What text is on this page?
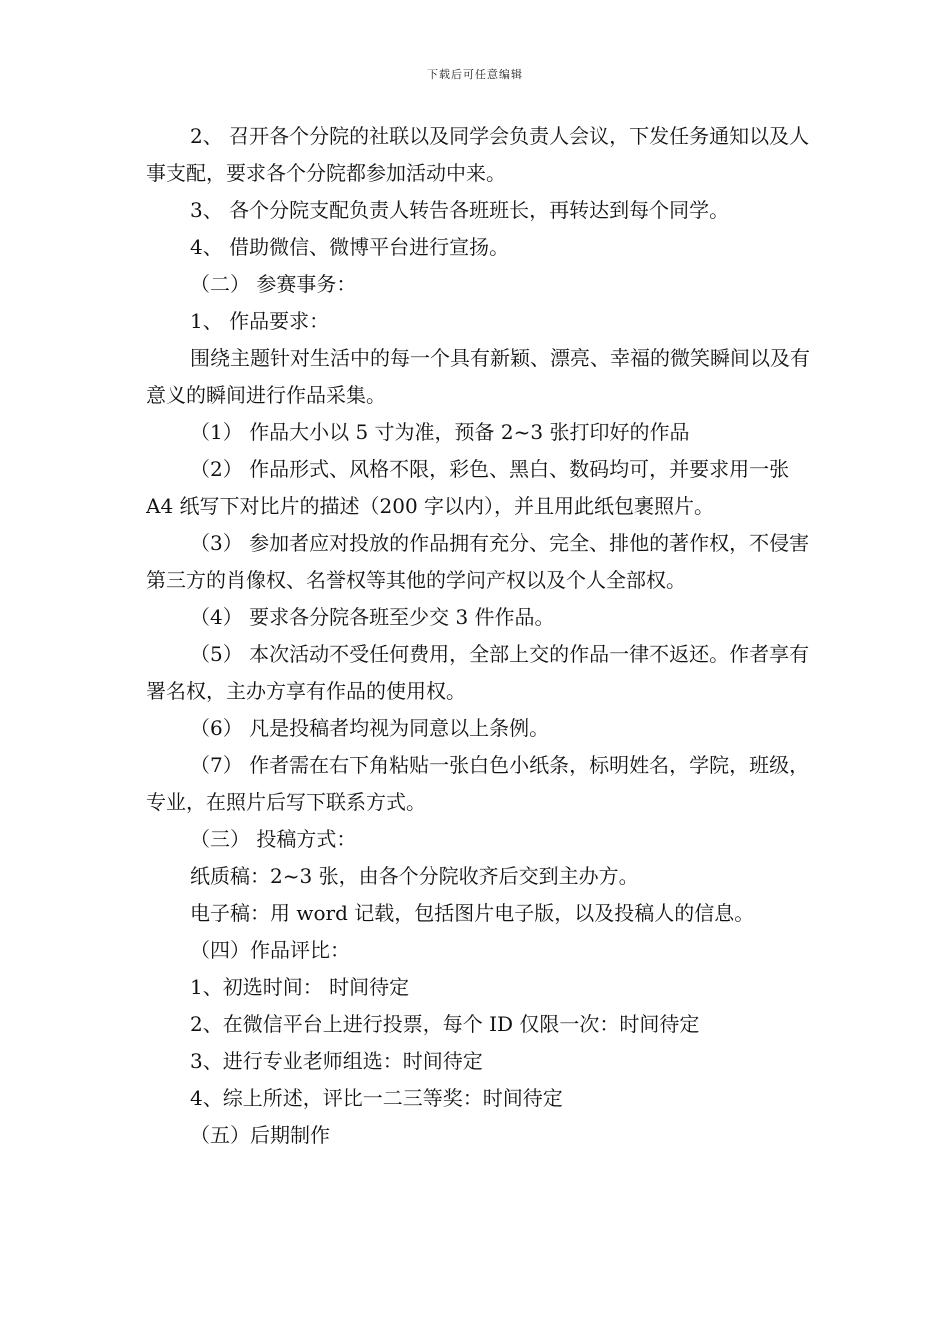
下载后可任意编辑

2、 召开各个分院的社联以及同学会负责人会议，下发任务通知以及人事支配，要求各个分院都参加活动中来。

3、 各个分院支配负责人转告各班班长，再转达到每个同学。

4、 借助微信、微博平台进行宣扬。

（二） 参赛事务：

1、 作品要求：

围绕主题针对生活中的每一个具有新颖、漂亮、幸福的微笑瞬间以及有意义的瞬间进行作品采集。

（1） 作品大小以 5 寸为准，预备 2~3 张打印好的作品

（2） 作品形式、风格不限，彩色、黑白、数码均可，并要求用一张 A4 纸写下对比片的描述（200 字以内），并且用此纸包裹照片。

（3） 参加者应对投放的作品拥有充分、完全、排他的著作权，不侵害第三方的肖像权、名誉权等其他的学问产权以及个人全部权。

（4） 要求各分院各班至少交 3 件作品。

（5） 本次活动不受任何费用，全部上交的作品一律不返还。作者享有署名权，主办方享有作品的使用权。

（6） 凡是投稿者均视为同意以上条例。

（7） 作者需在右下角粘贴一张白色小纸条，标明姓名，学院，班级，专业，在照片后写下联系方式。

（三） 投稿方式：

纸质稿：2~3 张，由各个分院收齐后交到主办方。

电子稿：用 word 记载，包括图片电子版，以及投稿人的信息。

（四）作品评比：

1、初选时间： 时间待定

2、在微信平台上进行投票，每个 ID 仅限一次：时间待定

3、进行专业老师组选：时间待定

4、综上所述，评比一二三等奖：时间待定

（五）后期制作
